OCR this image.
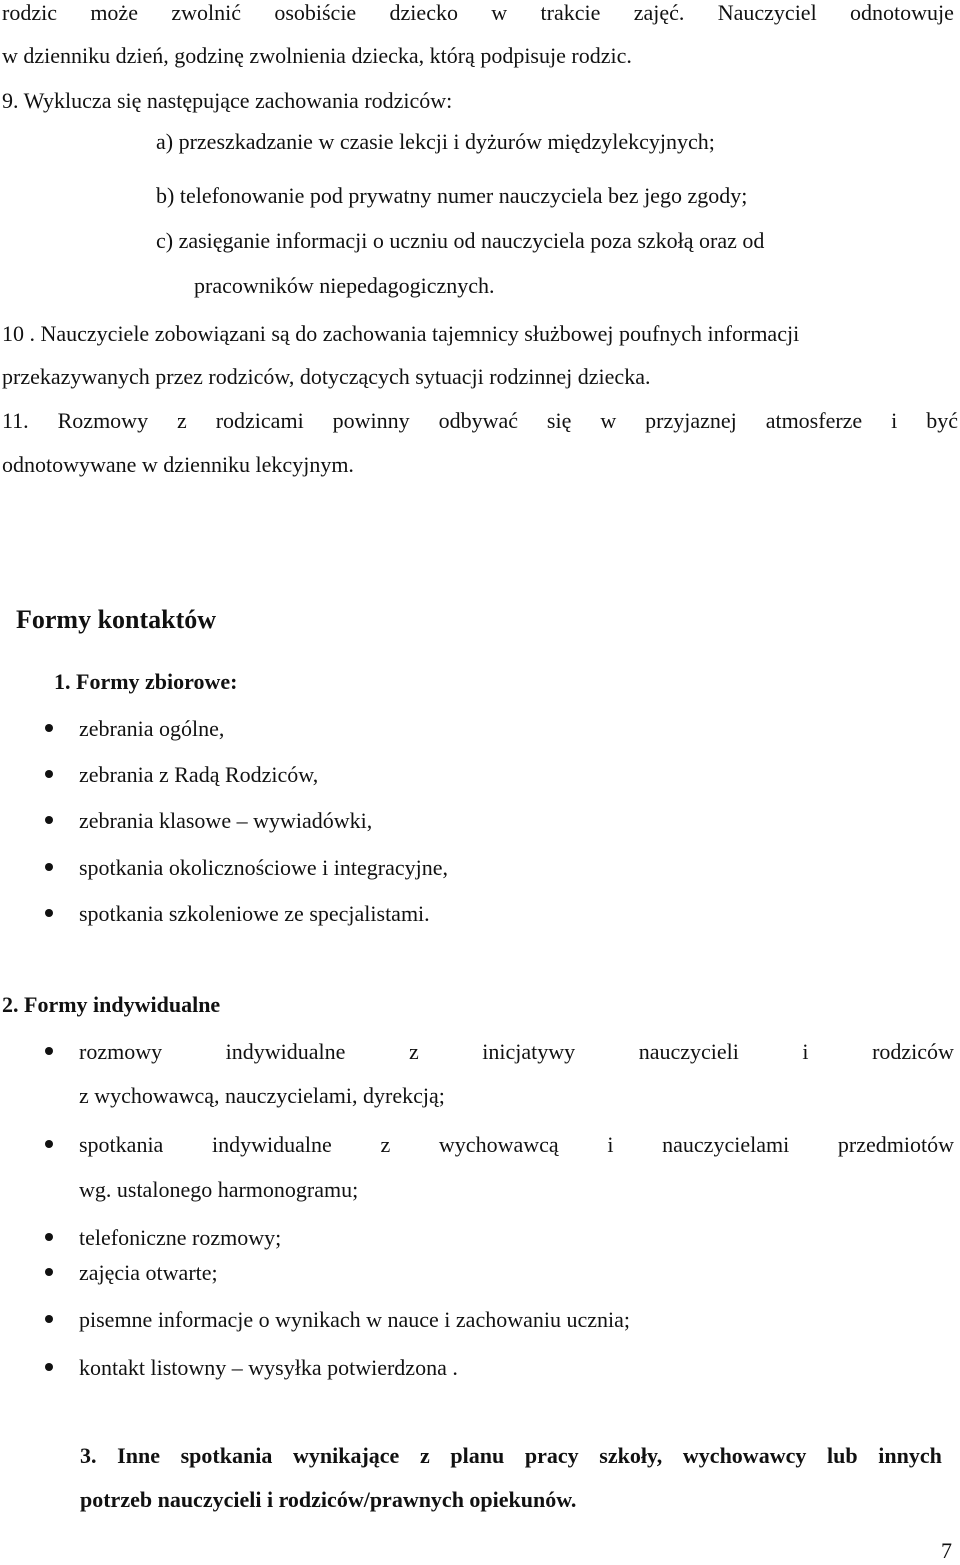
rodzic może zwolnić osobiście dziecko w trakcie zajęć. Nauczyciel odnotowuje
w dzienniku dzień, godzinę zwolnienia dziecka, którą podpisuje rodzic.
9. Wyklucza się następujące zachowania rodziców:
a) przeszkadzanie w czasie lekcji i dyżurów międzylekcyjnych;
b) telefonowanie pod prywatny numer nauczyciela bez jego zgody;
c) zasięganie informacji o uczniu od nauczyciela poza szkołą oraz od
pracowników niepedagogicznych.
10 . Nauczyciele zobowiązani są do zachowania tajemnicy służbowej poufnych informacji
przekazywanych przez rodziców, dotyczących sytuacji rodzinnej dziecka.
11. Rozmowy z rodzicami powinny odbywać się w przyjaznej atmosferze i być
odnotowywane w dzienniku lekcyjnym.
Formy kontaktów
1. Formy zbiorowe:
zebrania ogólne,
zebrania z Radą Rodziców,
zebrania klasowe – wywiadówki,
spotkania okolicznościowe i integracyjne,
spotkania szkoleniowe ze specjalistami.
2. Formy indywidualne
rozmowy	indywidualne	z	inicjatywy	nauczycieli	i	rodziców
z wychowawcą, nauczycielami, dyrekcją;
spotkania indywidualne z wychowawcą i nauczycielami przedmiotów
wg. ustalonego harmonogramu;
telefoniczne rozmowy;
zajęcia otwarte;
pisemne informacje o wynikach w nauce i zachowaniu ucznia;
kontakt listowny – wysyłka potwierdzona .
3. Inne spotkania wynikające z planu pracy szkoły, wychowawcy lub innych
potrzeb nauczycieli i rodziców/prawnych opiekunów.
7
